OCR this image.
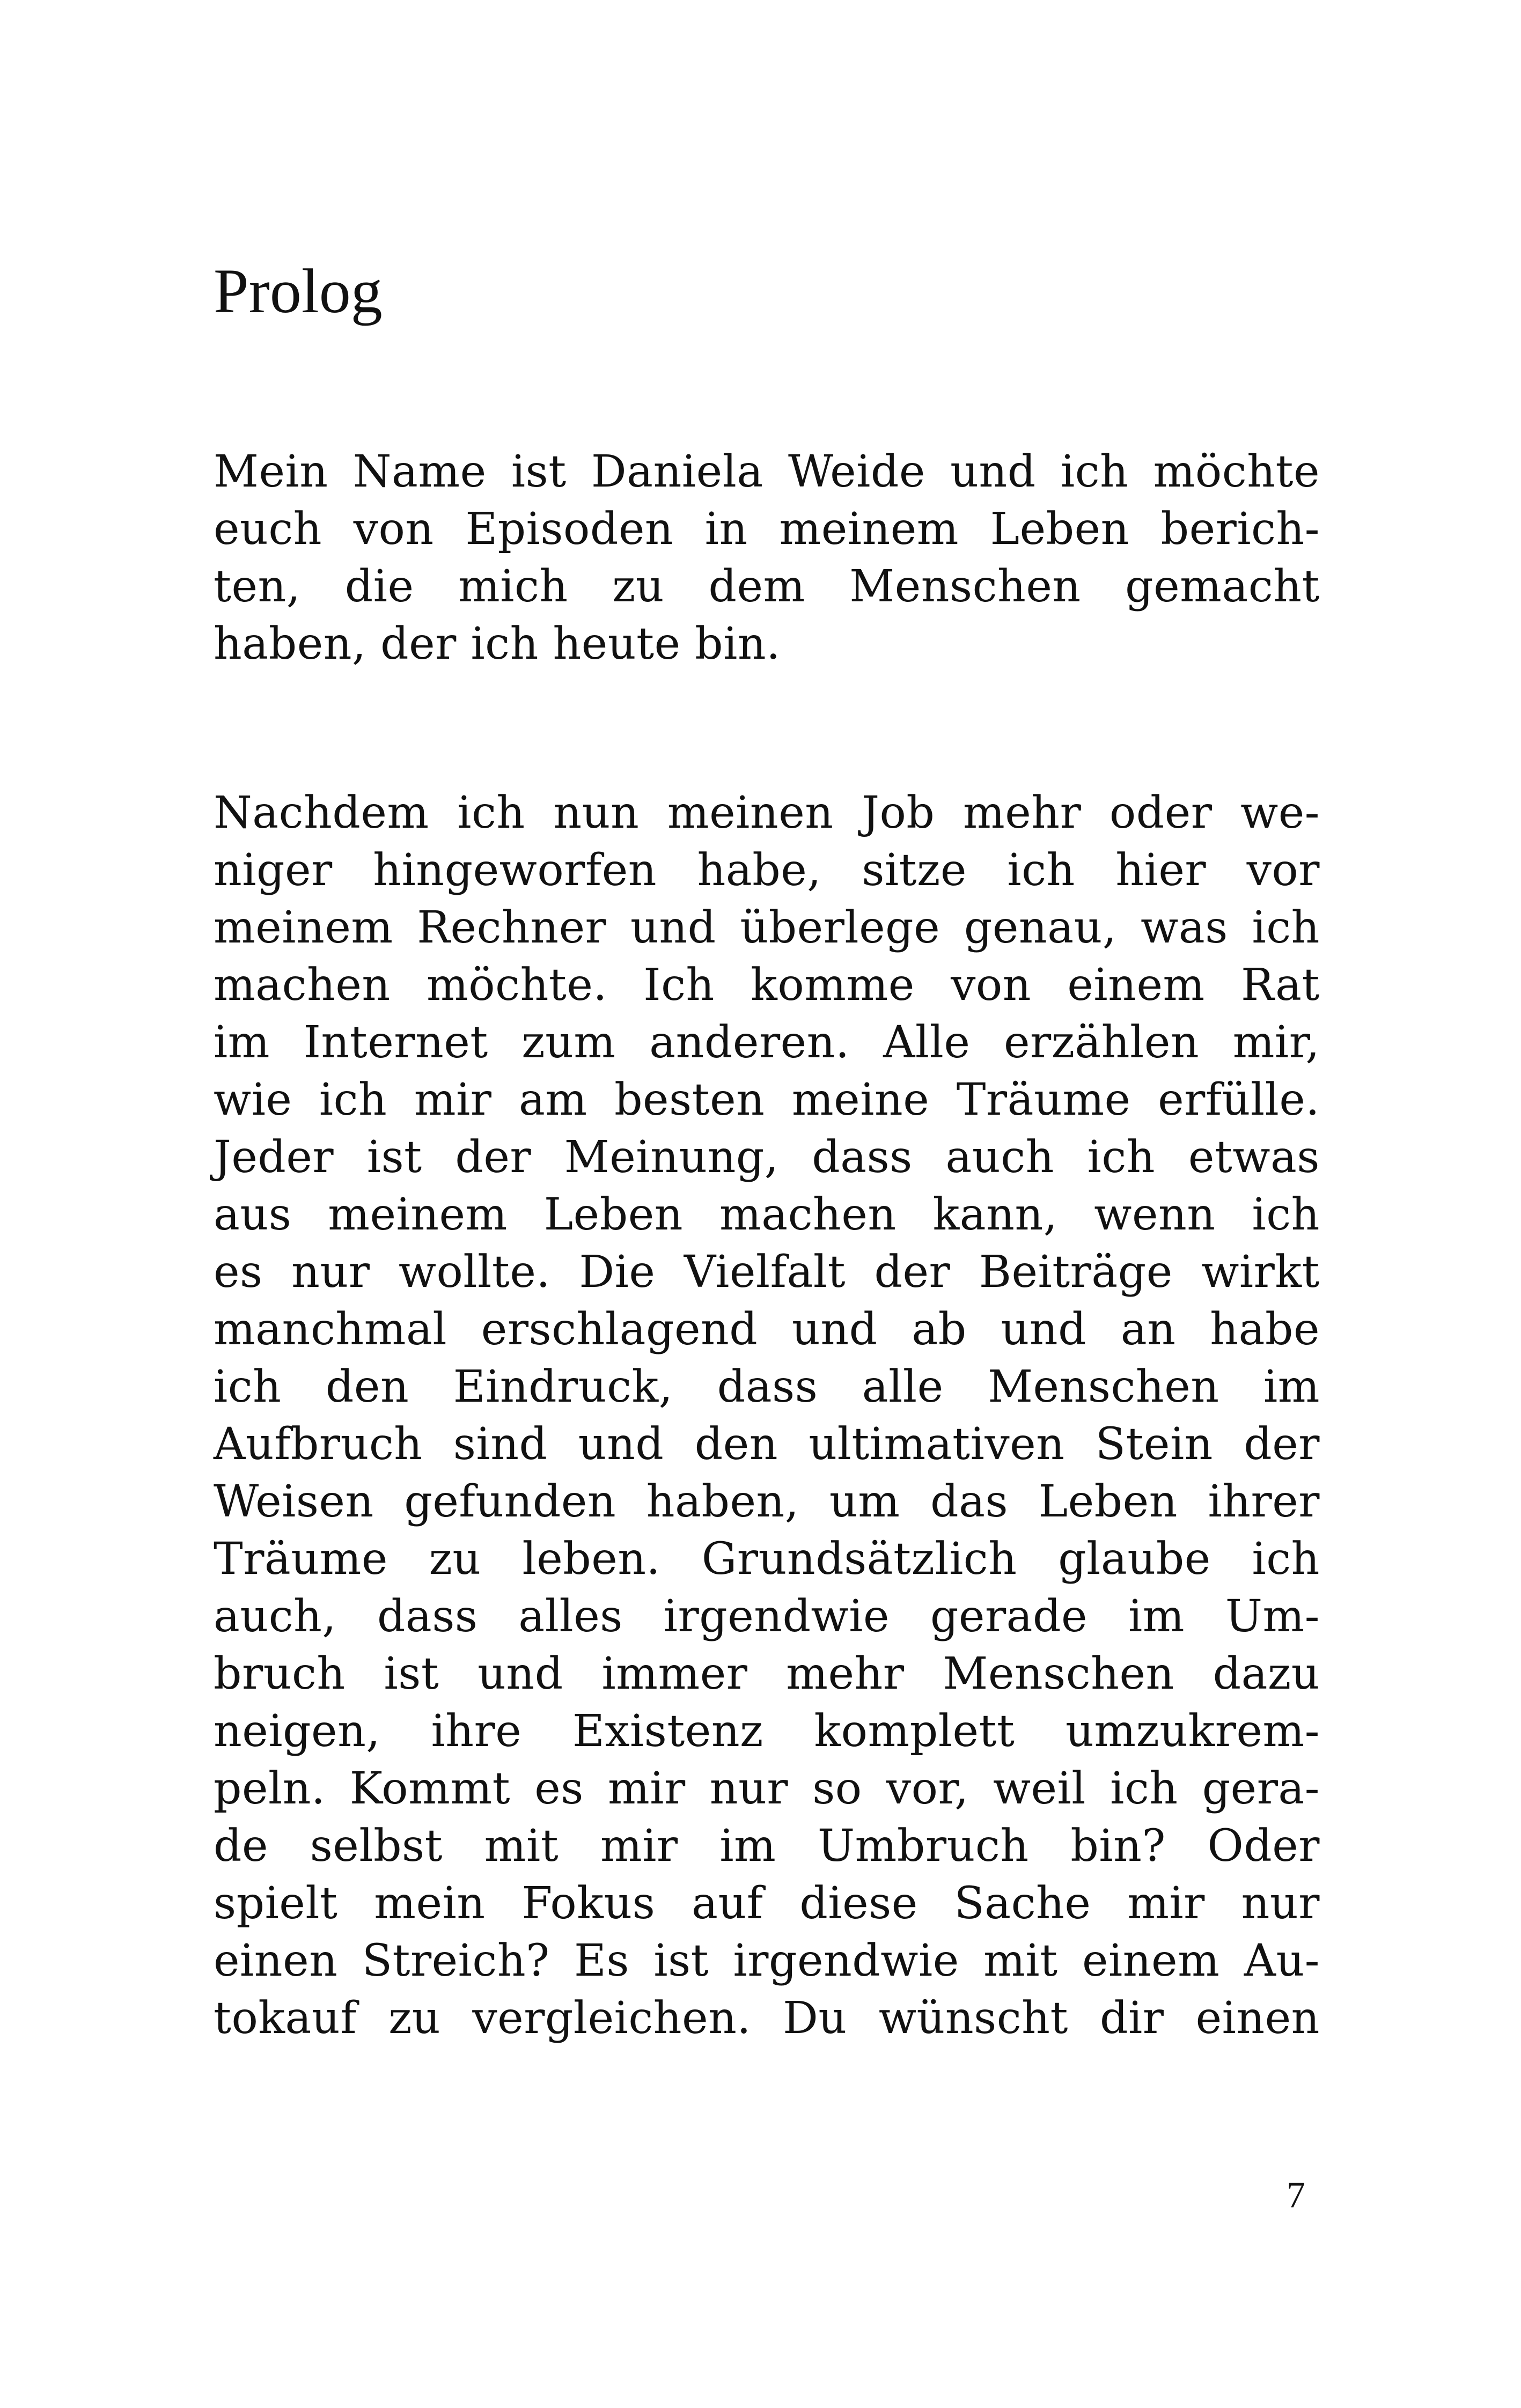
Prolog
Mein Name ist Daniela Weide und ich möchte
euch von Episoden in meinem Leben berich-
ten, die mich zu dem Menschen gemacht
haben, der ich heute bin.
Nachdem ich nun meinen Job mehr oder we-
niger hingeworfen habe, sitze ich hier vor
meinem Rechner und überlege genau, was ich
machen möchte. Ich komme von einem Rat
im Internet zum anderen. Alle erzählen mir,
wie ich mir am besten meine Träume erfülle.
Jeder ist der Meinung, dass auch ich etwas
aus meinem Leben machen kann, wenn ich
es nur wollte. Die Vielfalt der Beiträge wirkt
manchmal erschlagend und ab und an habe
ich den Eindruck, dass alle Menschen im
Aufbruch sind und den ultimativen Stein der
Weisen gefunden haben, um das Leben ihrer
Träume zu leben. Grundsätzlich glaube ich
auch, dass alles irgendwie gerade im Um-
bruch ist und immer mehr Menschen dazu
neigen, ihre Existenz komplett umzukrem-
peln. Kommt es mir nur so vor, weil ich gera-
de selbst mit mir im Umbruch bin? Oder
spielt mein Fokus auf diese Sache mir nur
einen Streich? Es ist irgendwie mit einem Au-
tokauf zu vergleichen. Du wünscht dir einen
7
